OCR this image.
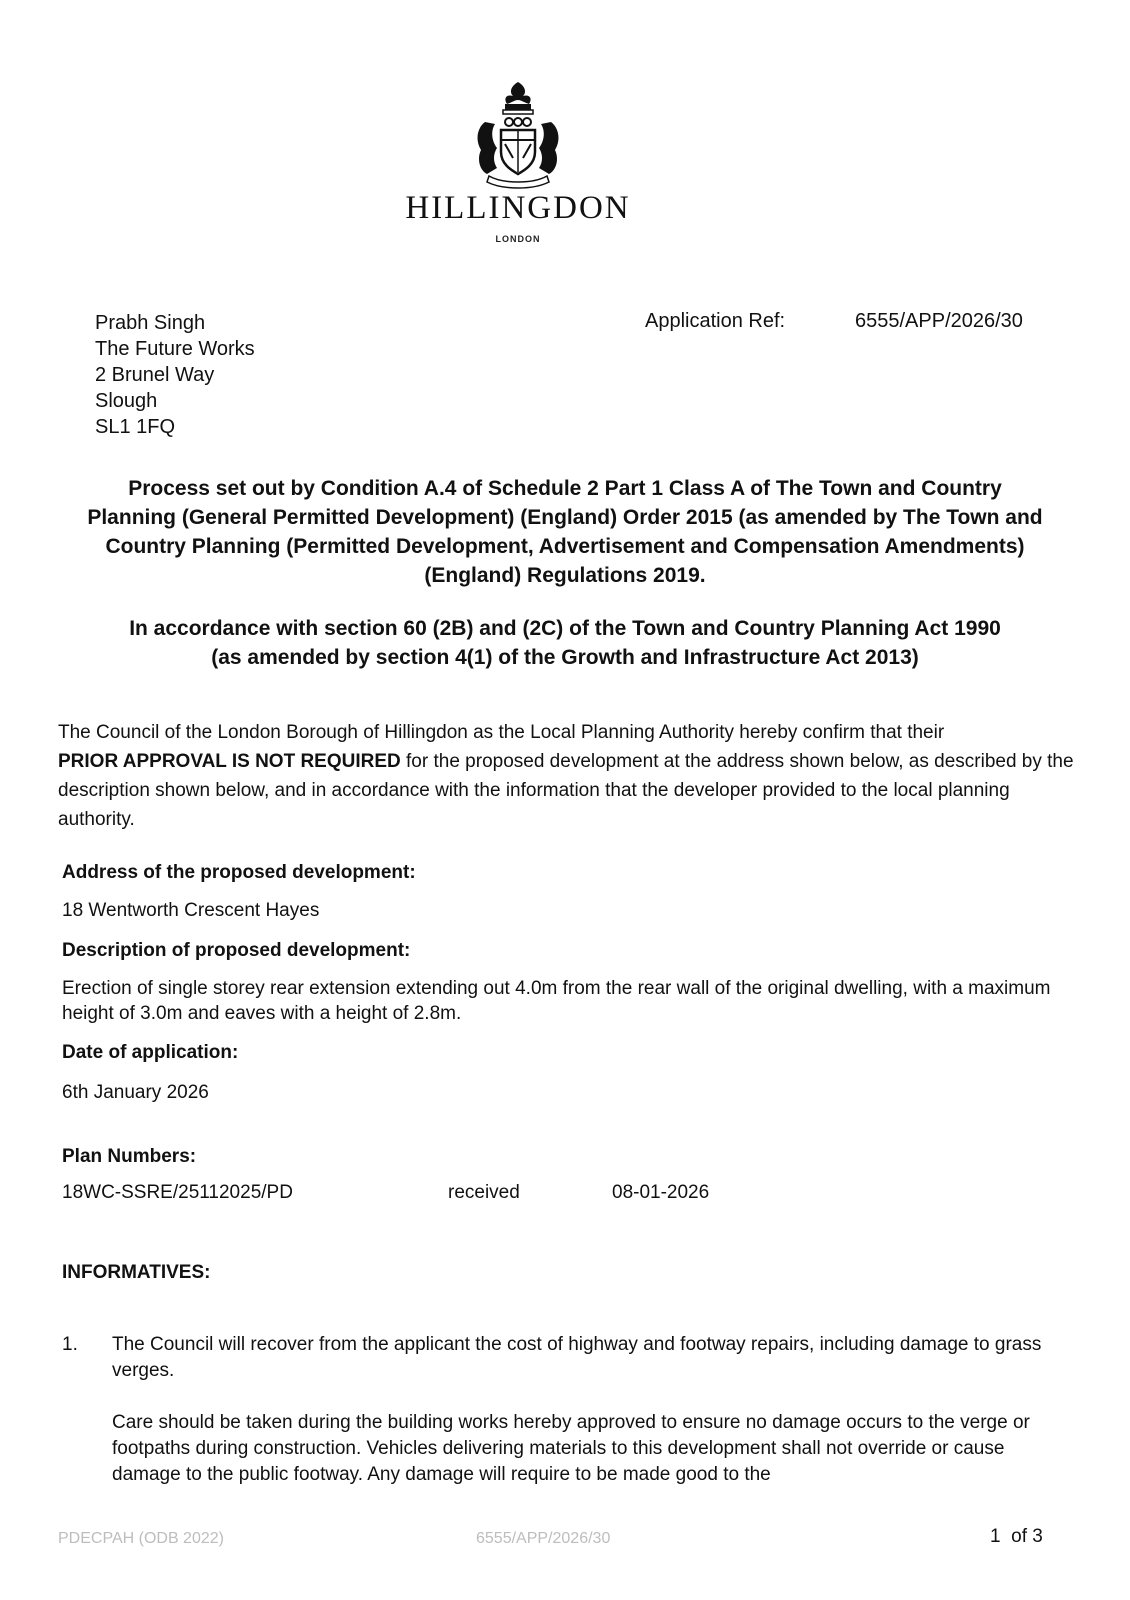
HILLINGDON
LONDON
Prabh Singh
The Future Works
2 Brunel Way
Slough
SL1 1FQ
Application Ref:	6555/APP/2026/30
Process set out by Condition A.4 of Schedule 2 Part 1 Class A of The Town and Country
Planning (General Permitted Development) (England) Order 2015 (as amended by The Town and
Country Planning (Permitted Development, Advertisement and Compensation Amendments)
(England) Regulations 2019.
In accordance with section 60 (2B) and (2C) of the Town and Country Planning Act 1990
(as amended by section 4(1) of the Growth and Infrastructure Act 2013)
The Council of the London Borough of Hillingdon as the Local Planning Authority hereby confirm that their
PRIOR APPROVAL IS NOT REQUIRED for the proposed development at the address shown below, as described by the description shown below, and in accordance with the information that the developer provided to the local planning authority.
Address of the proposed development:
18 Wentworth Crescent Hayes
Description of proposed development:
Erection of single storey rear extension extending out 4.0m from the rear wall of the original dwelling, with a maximum height of 3.0m and eaves with a height of 2.8m.
Date of application:
6th January 2026
Plan Numbers:
18WC-SSRE/25112025/PD	received	08-01-2026
INFORMATIVES:
1. The Council will recover from the applicant the cost of highway and footway repairs, including damage to grass verges.
Care should be taken during the building works hereby approved to ensure no damage occurs to the verge or footpaths during construction. Vehicles delivering materials to this development shall not override or cause damage to the public footway. Any damage will require to be made good to the
PDECPAH (ODB 2022)	6555/APP/2026/30	1 of 3
